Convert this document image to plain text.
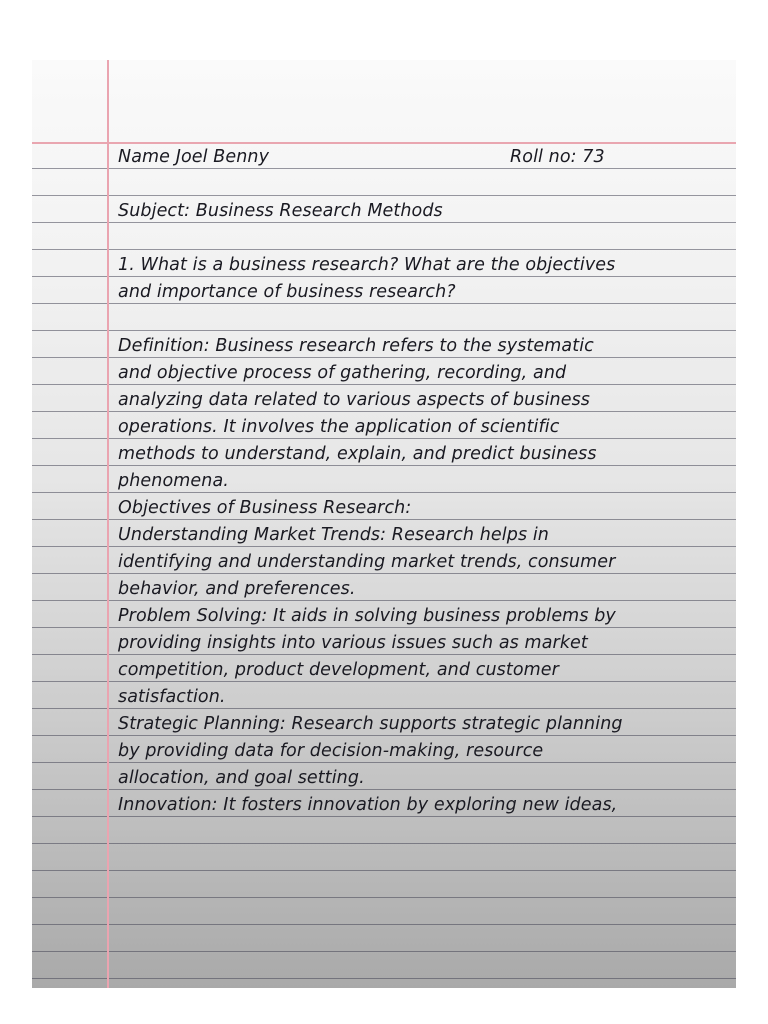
Name Joel Benny	Roll no: 73
Subject: Business Research Methods
1. What is a business research? What are the objectives
and importance of business research?
Definition: Business research refers to the systematic
and objective process of gathering, recording, and
analyzing data related to various aspects of business
operations. It involves the application of scientific
methods to understand, explain, and predict business
phenomena.
Objectives of Business Research:
Understanding Market Trends: Research helps in
identifying and understanding market trends, consumer
behavior, and preferences.
Problem Solving: It aids in solving business problems by
providing insights into various issues such as market
competition, product development, and customer
satisfaction.
Strategic Planning: Research supports strategic planning
by providing data for decision-making, resource
allocation, and goal setting.
Innovation: It fosters innovation by exploring new ideas,
